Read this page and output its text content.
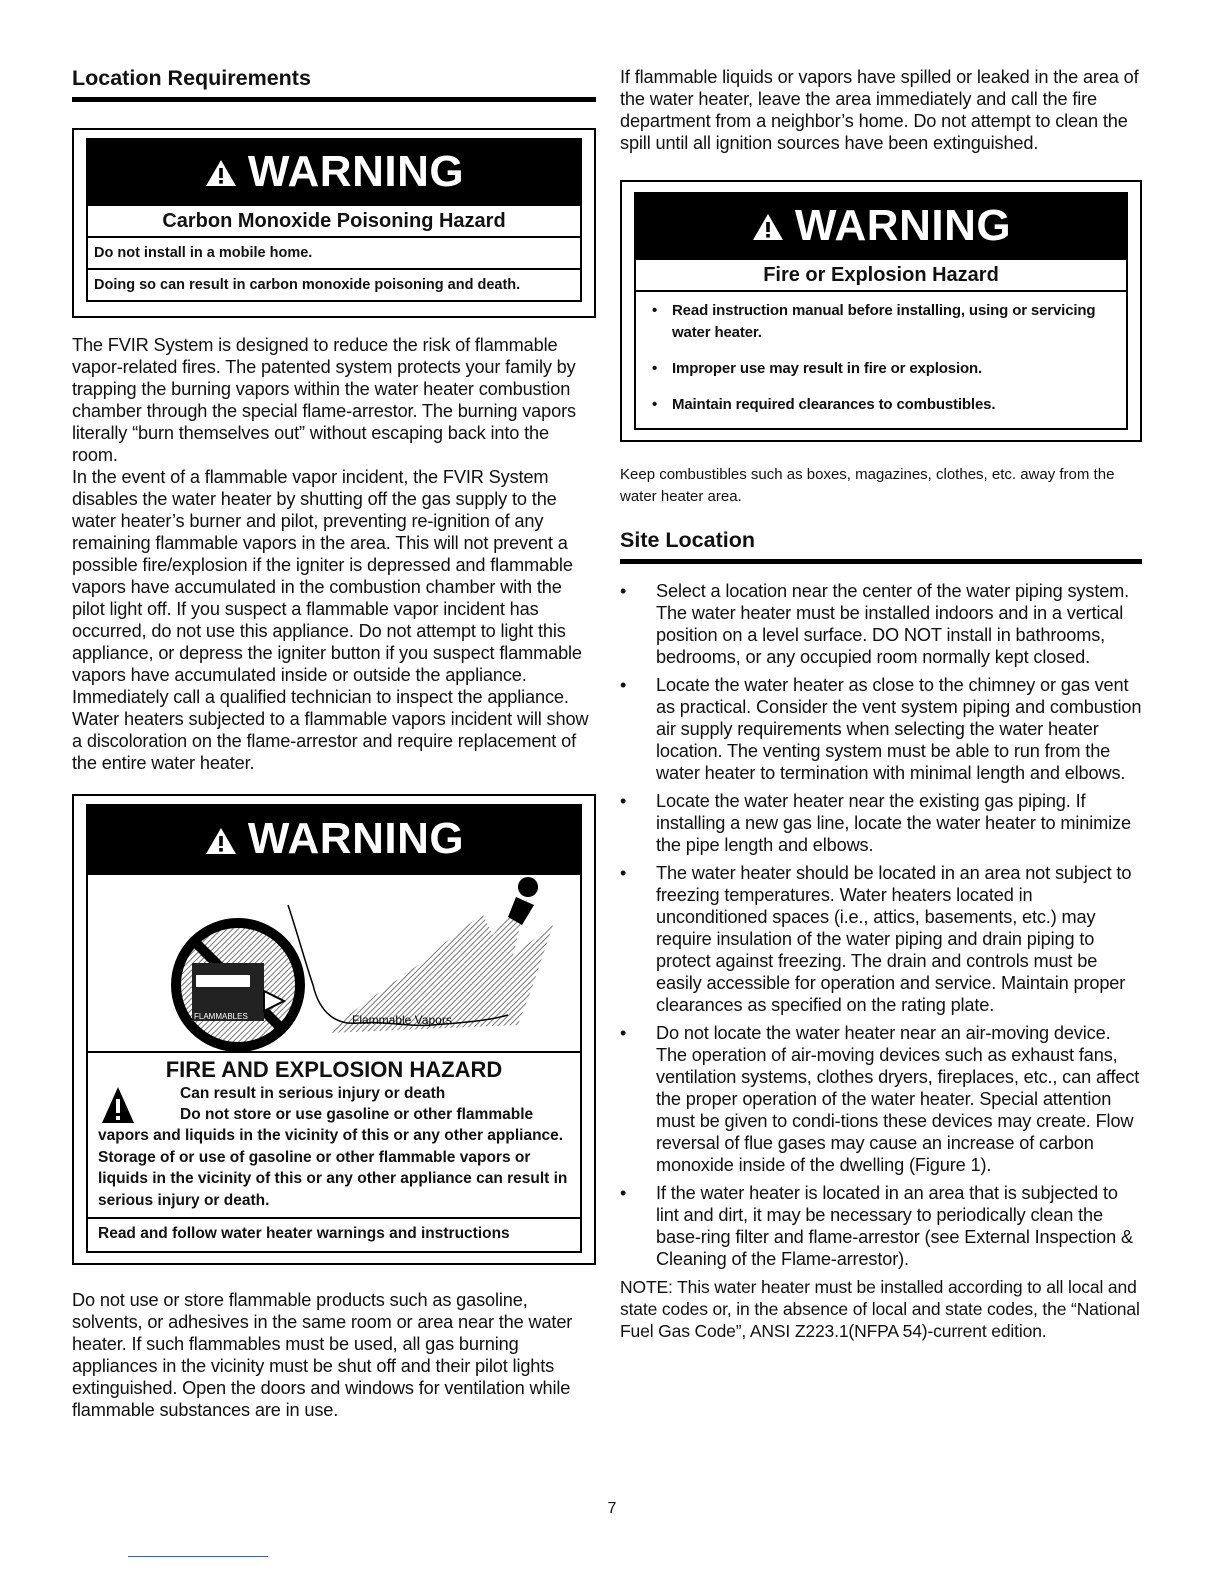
Location Requirements
WARNING
Carbon Monoxide Poisoning Hazard
Do not install in a mobile home.
Doing so can result in carbon monoxide poisoning and death.

The FVIR System is designed to reduce the risk of flammable vapor-related fires. The patented system protects your family by trapping the burning vapors within the water heater combustion chamber through the special flame-arrestor. The burning vapors literally “burn themselves out” without escaping back into the room.

In the event of a flammable vapor incident, the FVIR System disables the water heater by shutting off the gas supply to the water heater’s burner and pilot, preventing re-ignition of any remaining flammable vapors in the area. This will not prevent a possible fire/explosion if the igniter is depressed and flammable vapors have accumulated in the combustion chamber with the pilot light off. If you suspect a flammable vapor incident has occurred, do not use this appliance. Do not attempt to light this appliance, or depress the igniter button if you suspect flammable vapors have accumulated inside or outside the appliance. Immediately call a qualified technician to inspect the appliance. Water heaters subjected to a flammable vapors incident will show a discoloration on the flame-arrestor and require replacement of the entire water heater.

WARNING
FLAMMABLES	Flammable Vapors
FIRE AND EXPLOSION HAZARD
Can result in serious injury or death
Do not store or use gasoline or other flammable vapors and liquids in the vicinity of this or any other appliance. Storage of or use of gasoline or other flammable vapors or liquids in the vicinity of this or any other appliance can result in serious injury or death.
Read and follow water heater warnings and instructions

Do not use or store flammable products such as gasoline, solvents, or adhesives in the same room or area near the water heater. If such flammables must be used, all gas burning appliances in the vicinity must be shut off and their pilot lights extinguished. Open the doors and windows for ventilation while flammable substances are in use.

If flammable liquids or vapors have spilled or leaked in the area of the water heater, leave the area immediately and call the fire department from a neighbor’s home. Do not attempt to clean the spill until all ignition sources have been extinguished.

WARNING
Fire or Explosion Hazard
• Read instruction manual before installing, using or servicing water heater.
• Improper use may result in fire or explosion.
• Maintain required clearances to combustibles.

Keep combustibles such as boxes, magazines, clothes, etc. away from the water heater area.

Site Location
• Select a location near the center of the water piping system. The water heater must be installed indoors and in a vertical position on a level surface. DO NOT install in bathrooms, bedrooms, or any occupied room normally kept closed.
• Locate the water heater as close to the chimney or gas vent as practical. Consider the vent system piping and combustion air supply requirements when selecting the water heater location. The venting system must be able to run from the water heater to termination with minimal length and elbows.
• Locate the water heater near the existing gas piping. If installing a new gas line, locate the water heater to minimize the pipe length and elbows.
• The water heater should be located in an area not subject to freezing temperatures. Water heaters located in unconditioned spaces (i.e., attics, basements, etc.) may require insulation of the water piping and drain piping to protect against freezing. The drain and controls must be easily accessible for operation and service. Maintain proper clearances as specified on the rating plate.
• Do not locate the water heater near an air-moving device. The operation of air-moving devices such as exhaust fans, ventilation systems, clothes dryers, fireplaces, etc., can affect the proper operation of the water heater. Special attention must be given to condi-tions these devices may create. Flow reversal of flue gases may cause an increase of carbon monoxide inside of the dwelling (Figure 1).
• If the water heater is located in an area that is subjected to lint and dirt, it may be necessary to periodically clean the base-ring filter and flame-arrestor (see External Inspection & Cleaning of the Flame-arrestor).

NOTE: This water heater must be installed according to all local and state codes or, in the absence of local and state codes, the “National Fuel Gas Code”, ANSI Z223.1(NFPA 54)-current edition.

7
